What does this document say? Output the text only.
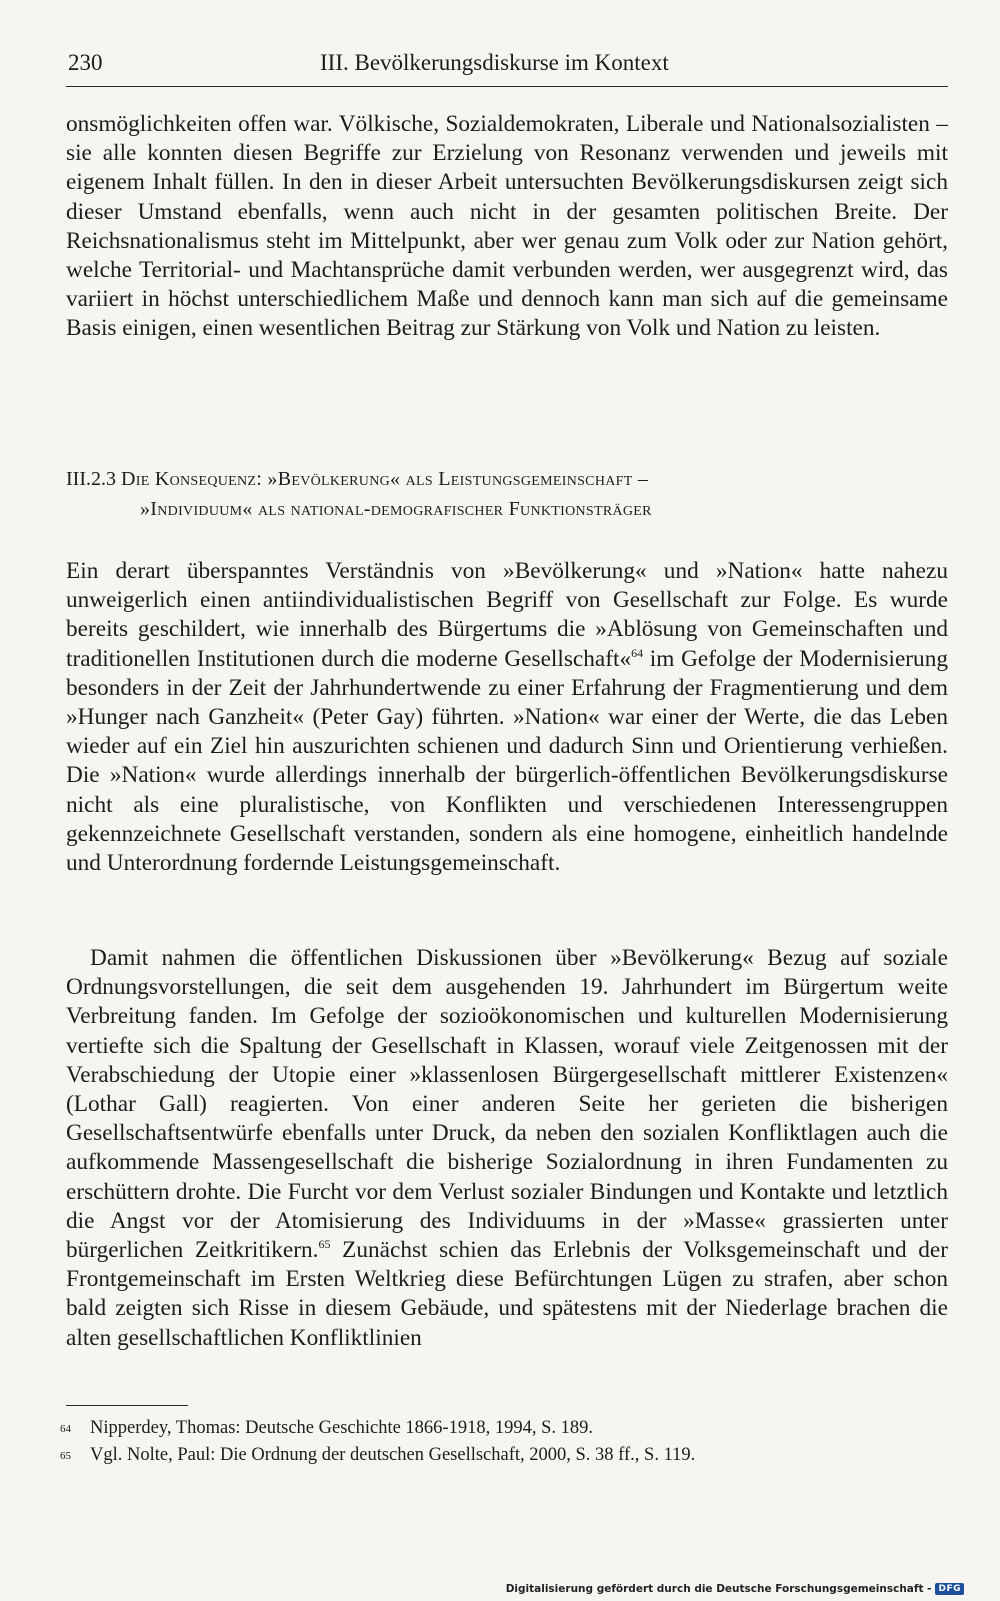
230	III. Bevölkerungsdiskurse im Kontext

onsmöglichkeiten offen war. Völkische, Sozialdemokraten, Liberale und Nationalsozialisten – sie alle konnten diesen Begriffe zur Erzielung von Resonanz verwenden und jeweils mit eigenem Inhalt füllen. In den in dieser Arbeit untersuchten Bevölkerungsdiskursen zeigt sich dieser Umstand ebenfalls, wenn auch nicht in der gesamten politischen Breite. Der Reichsnationalismus steht im Mittelpunkt, aber wer genau zum Volk oder zur Nation gehört, welche Territorial- und Machtansprüche damit verbunden werden, wer ausgegrenzt wird, das variiert in höchst unterschiedlichem Maße und dennoch kann man sich auf die gemeinsame Basis einigen, einen wesentlichen Beitrag zur Stärkung von Volk und Nation zu leisten.

III.2.3 Die Konsequenz: »Bevölkerung« als Leistungsgemeinschaft –
»Individuum« als national-demografischer Funktionsträger

Ein derart überspanntes Verständnis von »Bevölkerung« und »Nation« hatte nahezu unweigerlich einen antiindividualistischen Begriff von Gesellschaft zur Folge. Es wurde bereits geschildert, wie innerhalb des Bürgertums die »Ablösung von Gemeinschaften und traditionellen Institutionen durch die moderne Gesellschaft«$^{64}$ im Gefolge der Modernisierung besonders in der Zeit der Jahrhundertwende zu einer Erfahrung der Fragmentierung und dem »Hunger nach Ganzheit« (Peter Gay) führten. »Nation« war einer der Werte, die das Leben wieder auf ein Ziel hin auszurichten schienen und dadurch Sinn und Orientierung verhießen. Die »Nation« wurde allerdings innerhalb der bürgerlich-öffentlichen Bevölkerungsdiskurse nicht als eine pluralistische, von Konflikten und verschiedenen Interessengruppen gekennzeichnete Gesellschaft verstanden, sondern als eine homogene, einheitlich handelnde und Unterordnung fordernde Leistungsgemeinschaft.

Damit nahmen die öffentlichen Diskussionen über »Bevölkerung« Bezug auf soziale Ordnungsvorstellungen, die seit dem ausgehenden 19. Jahrhundert im Bürgertum weite Verbreitung fanden. Im Gefolge der sozioökonomischen und kulturellen Modernisierung vertiefte sich die Spaltung der Gesellschaft in Klassen, worauf viele Zeitgenossen mit der Verabschiedung der Utopie einer »klassenlosen Bürgergesellschaft mittlerer Existenzen« (Lothar Gall) reagierten. Von einer anderen Seite her gerieten die bisherigen Gesellschaftsentwürfe ebenfalls unter Druck, da neben den sozialen Konfliktlagen auch die aufkommende Massengesellschaft die bisherige Sozialordnung in ihren Fundamenten zu erschüttern drohte. Die Furcht vor dem Verlust sozialer Bindungen und Kontakte und letztlich die Angst vor der Atomisierung des Individuums in der »Masse« grassierten unter bürgerlichen Zeitkritikern.$^{65}$ Zunächst schien das Erlebnis der Volksgemeinschaft und der Frontgemeinschaft im Ersten Weltkrieg diese Befürchtungen Lügen zu strafen, aber schon bald zeigten sich Risse in diesem Gebäude, und spätestens mit der Niederlage brachen die alten gesellschaftlichen Konfliktlinien

64	Nipperdey, Thomas: Deutsche Geschichte 1866-1918, 1994, S. 189.
65	Vgl. Nolte, Paul: Die Ordnung der deutschen Gesellschaft, 2000, S. 38 ff., S. 119.
Digitalisierung gefördert durch die Deutsche Forschungsgemeinschaft - DFG
